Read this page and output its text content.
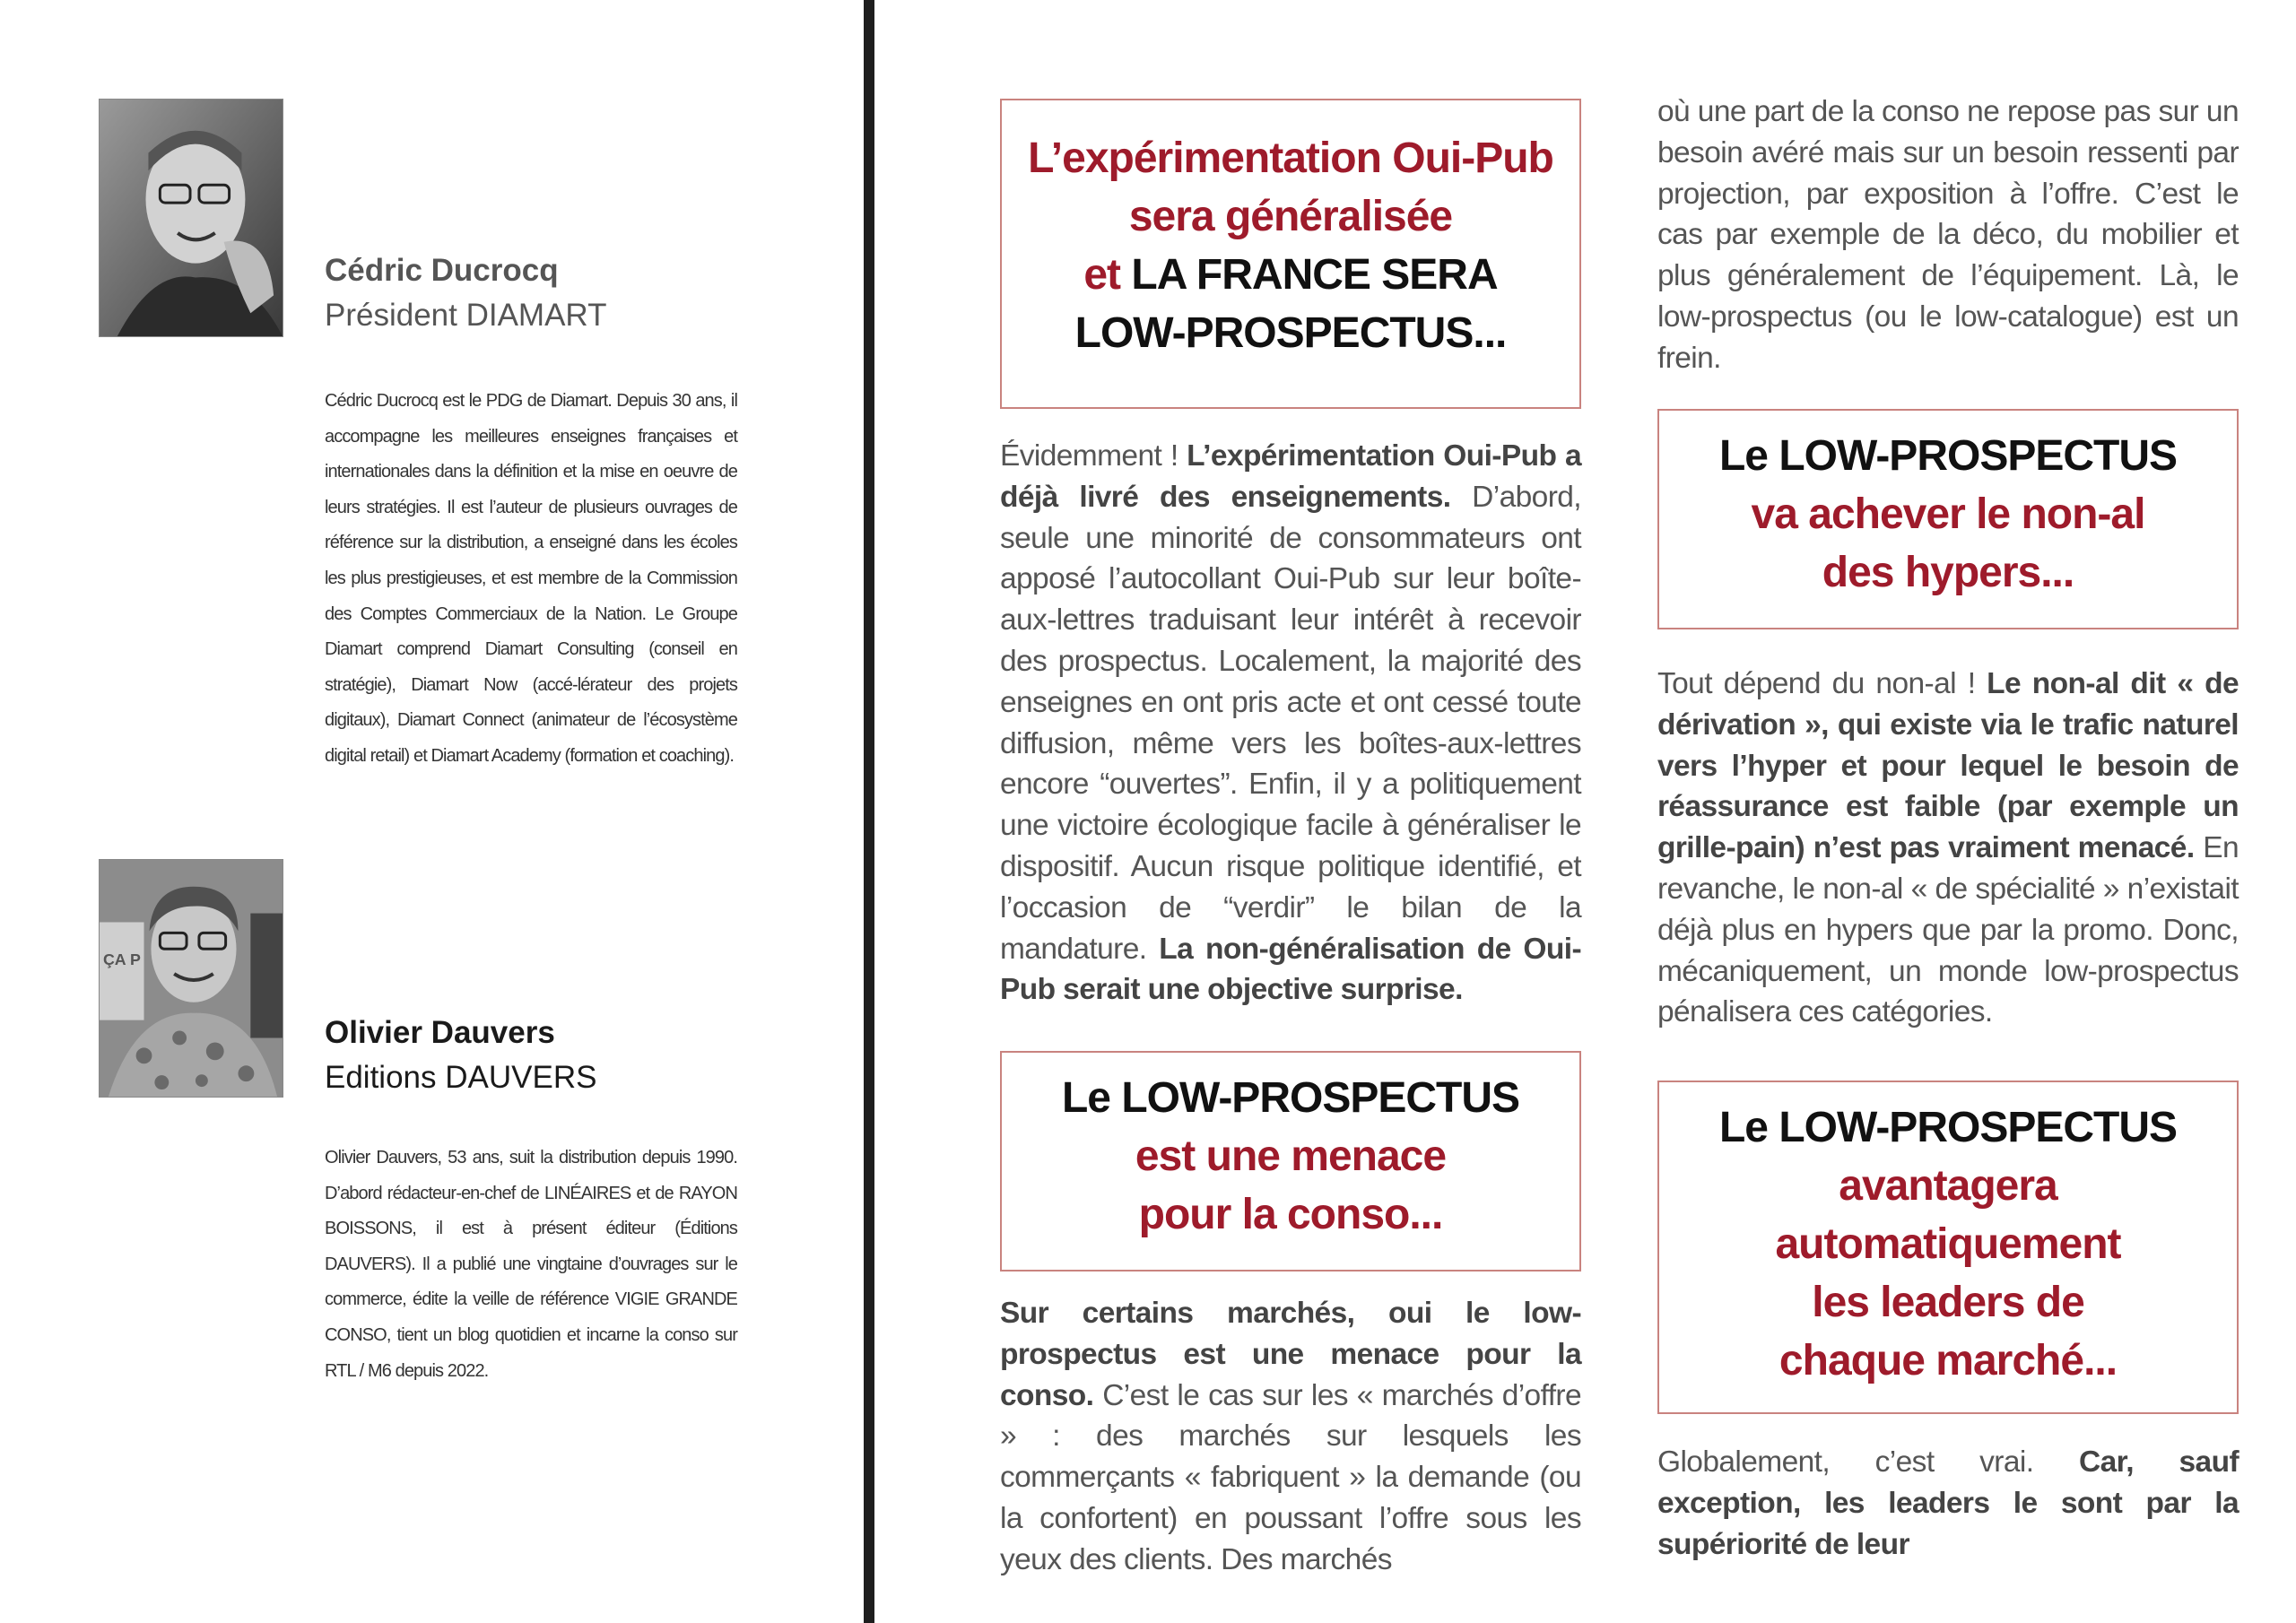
Cédric Ducrocq
Président DIAMART
Cédric Ducrocq est le PDG de Diamart. Depuis 30 ans, il accompagne les meilleures enseignes françaises et internationales dans la définition et la mise en oeuvre de leurs stratégies. Il est l’auteur de plusieurs ouvrages de référence sur la distribution, a enseigné dans les écoles les plus prestigieuses, et est membre de la Commission des Comptes Commerciaux de la Nation. Le Groupe Diamart comprend Diamart Consulting (conseil en stratégie), Diamart Now (accé-lérateur des projets digitaux), Diamart Connect (animateur de l’écosystème digital retail) et Diamart Academy (formation et coaching).
ÇA P
Olivier Dauvers
Editions DAUVERS
Olivier Dauvers, 53 ans, suit la distribution depuis 1990. D’abord rédacteur-en-chef de LINÉAIRES et de RAYON BOISSONS, il est à présent éditeur (Éditions DAUVERS). Il a publié une vingtaine d’ouvrages sur le commerce, édite la veille de référence VIGIE GRANDE CONSO, tient un blog quotidien et incarne la conso sur RTL / M6 depuis 2022.
L’expérimentation Oui-Pub
sera généralisée
et LA FRANCE SERA
LOW-PROSPECTUS...
Évidemment ! L’expérimentation Oui-Pub a déjà livré des enseignements. D’abord, seule une minorité de consommateurs ont apposé l’autocollant Oui-Pub sur leur boîte-aux-lettres traduisant leur intérêt à recevoir des prospectus. Localement, la majorité des enseignes en ont pris acte et ont cessé toute diffusion, même vers les boîtes-aux-lettres encore “ouvertes”. Enfin, il y a politiquement une victoire écologique facile à généraliser le dispositif. Aucun risque politique identifié, et l’occasion de “verdir” le bilan de la mandature. La non-généralisation de Oui-Pub serait une objective surprise.
Le LOW-PROSPECTUS
est une menace
pour la conso...
Sur certains marchés, oui le low-prospectus est une menace pour la conso. C’est le cas sur les « marchés d’offre » : des marchés sur lesquels les commerçants « fabriquent » la demande (ou la confortent) en poussant l’offre sous les yeux des clients. Des marchés
où une part de la conso ne repose pas sur un besoin avéré mais sur un besoin ressenti par projection, par exposition à l’offre. C’est le cas par exemple de la déco, du mobilier et plus généralement de l’équipement. Là, le low-prospectus (ou le low-catalogue) est un frein.
Le LOW-PROSPECTUS
va achever le non-al
des hypers...
Tout dépend du non-al ! Le non-al dit « de dérivation », qui existe via le trafic naturel vers l’hyper et pour lequel le besoin de réassurance est faible (par exemple un grille-pain) n’est pas vraiment menacé. En revanche, le non-al « de spécialité » n’existait déjà plus en hypers que par la promo. Donc, mécaniquement, un monde low-prospectus pénalisera ces catégories.
Le LOW-PROSPECTUS
avantagera
automatiquement
les leaders de
chaque marché...
Globalement, c’est vrai. Car, sauf exception, les leaders le sont par la supériorité de leur
